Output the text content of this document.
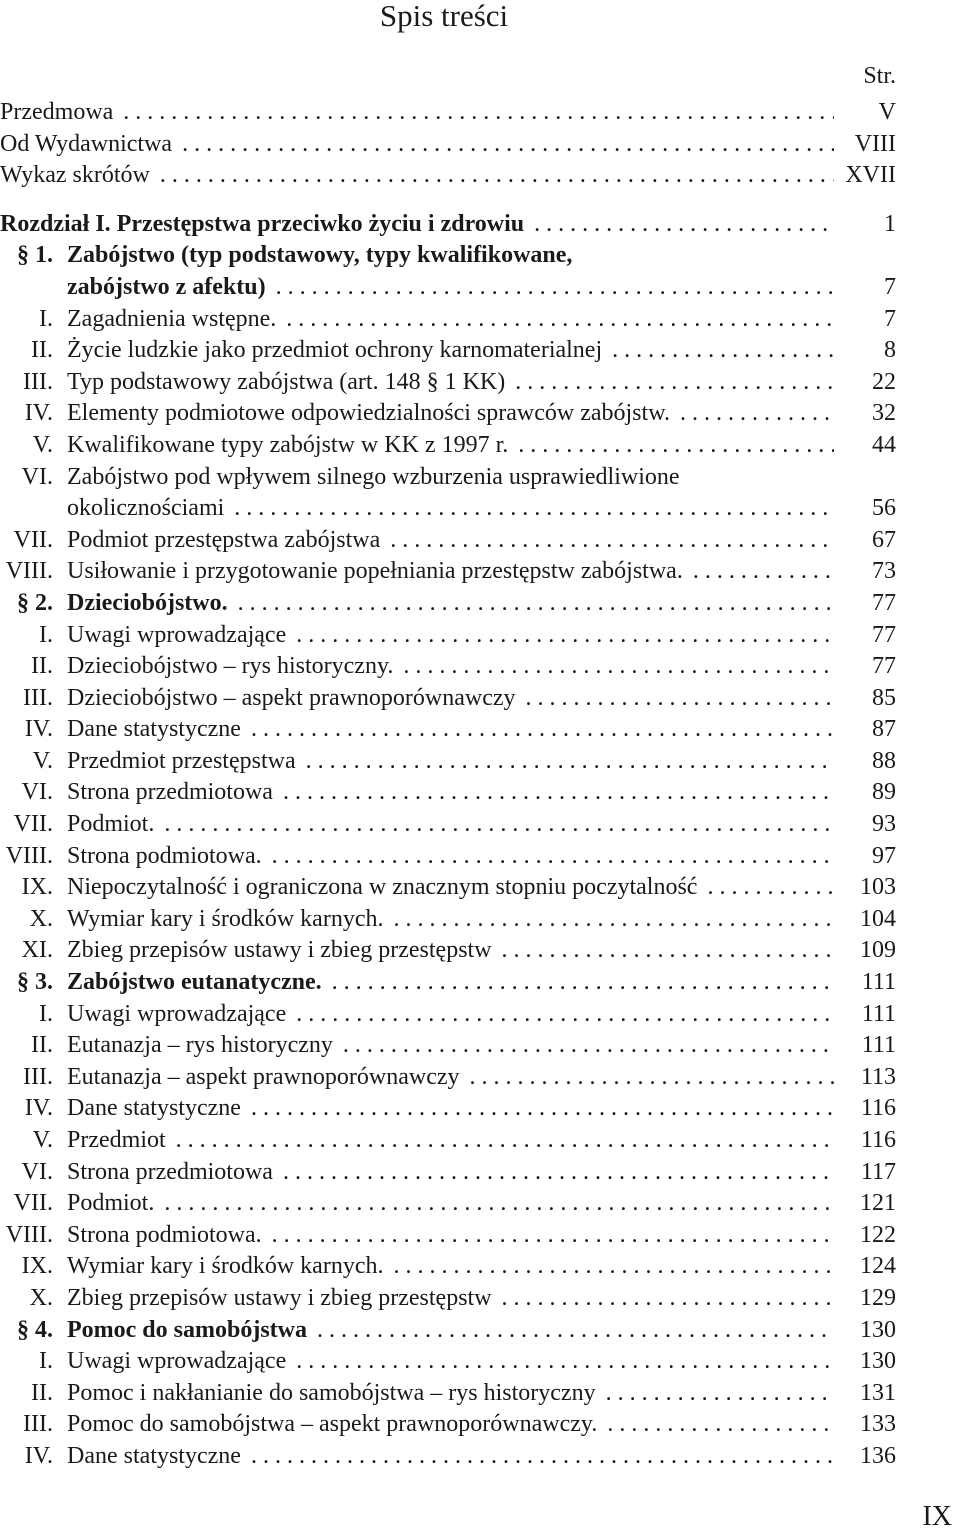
Spis treści
Str.
Przedmowa . . .	V
Od Wydawnictwa . . .	VIII
Wykaz skrótów . . .	XVII
Rozdział I. Przestępstwa przeciwko życiu i zdrowiu . . .	1
§ 1. Zabójstwo (typ podstawowy, typy kwalifikowane,
zabójstwo z afektu) . . .	7
I. Zagadnienia wstępne. . . .	7
II. Życie ludzkie jako przedmiot ochrony karnomaterialnej . . .	8
III. Typ podstawowy zabójstwa (art. 148 § 1 KK) . . .	22
IV. Elementy podmiotowe odpowiedzialności sprawców zabójstw. . . .	32
V. Kwalifikowane typy zabójstw w KK z 1997 r. . . .	44
VI. Zabójstwo pod wpływem silnego wzburzenia usprawiedliwione
okolicznościami . . .	56
VII. Podmiot przestępstwa zabójstwa . . .	67
VIII. Usiłowanie i przygotowanie popełniania przestępstw zabójstwa. . . .	73
§ 2. Dzieciobójstwo. . . .	77
I. Uwagi wprowadzające . . .	77
II. Dzieciobójstwo – rys historyczny. . . .	77
III. Dzieciobójstwo – aspekt prawnoporównawczy . . .	85
IV. Dane statystyczne . . .	87
V. Przedmiot przestępstwa . . .	88
VI. Strona przedmiotowa . . .	89
VII. Podmiot. . . .	93
VIII. Strona podmiotowa. . . .	97
IX. Niepoczytalność i ograniczona w znacznym stopniu poczytalność . . .	103
X. Wymiar kary i środków karnych. . . .	104
XI. Zbieg przepisów ustawy i zbieg przestępstw . . .	109
§ 3. Zabójstwo eutanatyczne. . . .	111
I. Uwagi wprowadzające . . .	111
II. Eutanazja – rys historyczny . . .	111
III. Eutanazja – aspekt prawnoporównawczy . . .	113
IV. Dane statystyczne . . .	116
V. Przedmiot . . .	116
VI. Strona przedmiotowa . . .	117
VII. Podmiot. . . .	121
VIII. Strona podmiotowa. . . .	122
IX. Wymiar kary i środków karnych. . . .	124
X. Zbieg przepisów ustawy i zbieg przestępstw . . .	129
§ 4. Pomoc do samobójstwa . . .	130
I. Uwagi wprowadzające . . .	130
II. Pomoc i nakłanianie do samobójstwa – rys historyczny . . .	131
III. Pomoc do samobójstwa – aspekt prawnoporównawczy. . . .	133
IV. Dane statystyczne . . .	136
IX
